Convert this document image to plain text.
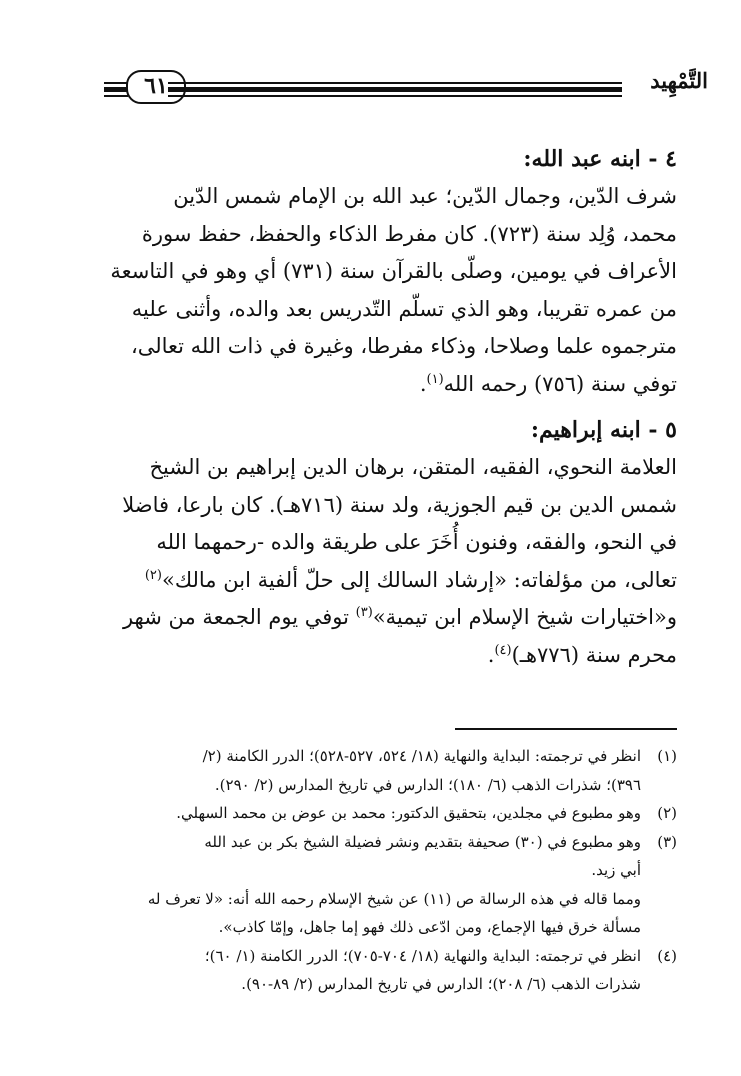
٦١	التَّمْهِيد
٤ - ابنه عبد الله:

شرف الدّين، وجمال الدّين؛ عبد الله بن الإمام شمس الدّين
محمد، وُلِد سنة (٧٢٣). كان مفرط الذكاء والحفظ، حفظ سورة
الأعراف في يومين، وصلّى بالقرآن سنة (٧٣١) أي وهو في التاسعة
من عمره تقريبا، وهو الذي تسلّم التّدريس بعد والده، وأثنى عليه
مترجموه علما وصلاحا، وذكاء مفرطا، وغيرة في ذات الله تعالى،
توفي سنة (٧٥٦) رحمه الله$^{(١)}$.

٥ - ابنه إبراهيم:

العلامة النحوي، الفقيه، المتقن، برهان الدين إبراهيم بن الشيخ
شمس الدين بن قيم الجوزية، ولد سنة (٧١٦هـ). كان بارعا، فاضلا
في النحو، والفقه، وفنون أُخَرَ على طريقة والده -رحمهما الله
تعالى، من مؤلفاته: «إرشاد السالك إلى حلّ ألفية ابن مالك»$^{(٢)}$
و«اختيارات شيخ الإسلام ابن تيمية»$^{(٣)}$ توفي يوم الجمعة من شهر
محرم سنة (٧٧٦هـ)$^{(٤)}$.

(١)
انظر في ترجمته: البداية والنهاية (١٨/ ٥٢٤، ٥٢٧-٥٢٨)؛ الدرر الكامنة (٢/
٣٩٦)؛ شذرات الذهب (٦/ ١٨٠)؛ الدارس في تاريخ المدارس (٢/ ٢٩٠).
(٢)
وهو مطبوع في مجلدين، بتحقيق الدكتور: محمد بن عوض بن محمد السهلي.
(٣)
وهو مطبوع في (٣٠) صحيفة بتقديم ونشر فضيلة الشيخ بكر بن عبد الله
أبي زيد.
ومما قاله في هذه الرسالة ص (١١) عن شيخ الإسلام رحمه الله أنه: «لا تعرف له
مسألة خرق فيها الإجماع، ومن ادّعى ذلك فهو إما جاهل، وإمّا كاذب».
(٤)
انظر في ترجمته: البداية والنهاية (١٨/ ٧٠٤-٧٠٥)؛ الدرر الكامنة (١/ ٦٠)؛
شذرات الذهب (٦/ ٢٠٨)؛ الدارس في تاريخ المدارس (٢/ ٨٩-٩٠).
